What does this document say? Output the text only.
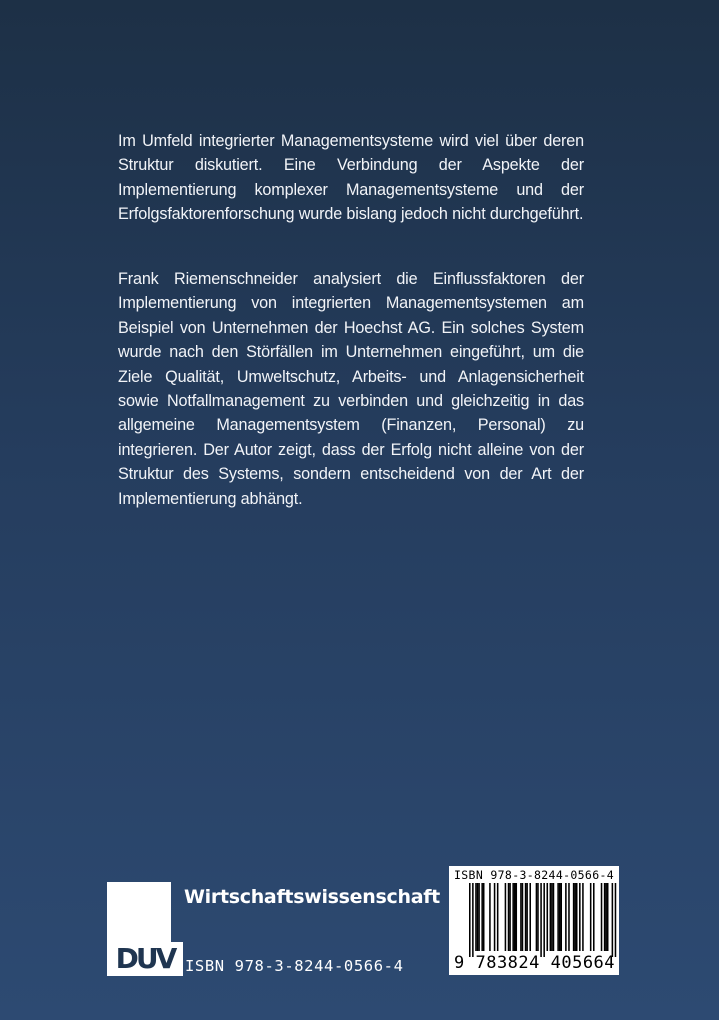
Im Umfeld integrierter Managementsysteme wird viel über deren Struktur diskutiert. Eine Verbindung der Aspekte der Implementierung komplexer Managementsysteme und der Erfolgsfaktorenforschung wurde bislang jedoch nicht durchgeführt.
Frank Riemenschneider analysiert die Einflussfaktoren der Implementierung von integrierten Managementsystemen am Beispiel von Unternehmen der Hoechst AG. Ein solches System wurde nach den Störfällen im Unternehmen eingeführt, um die Ziele Qualität, Umweltschutz, Arbeits- und Anlagensicherheit sowie Notfallmanagement zu verbinden und gleichzeitig in das allgemeine Managementsystem (Finanzen, Personal) zu integrieren. Der Autor zeigt, dass der Erfolg nicht alleine von der Struktur des Systems, sondern entscheidend von der Art der Implementierung abhängt.
DUV
Wirtschaftswissenschaft
ISBN 978-3-8244-0566-4
ISBN 978-3-8244-0566-4
9 783824 405664
